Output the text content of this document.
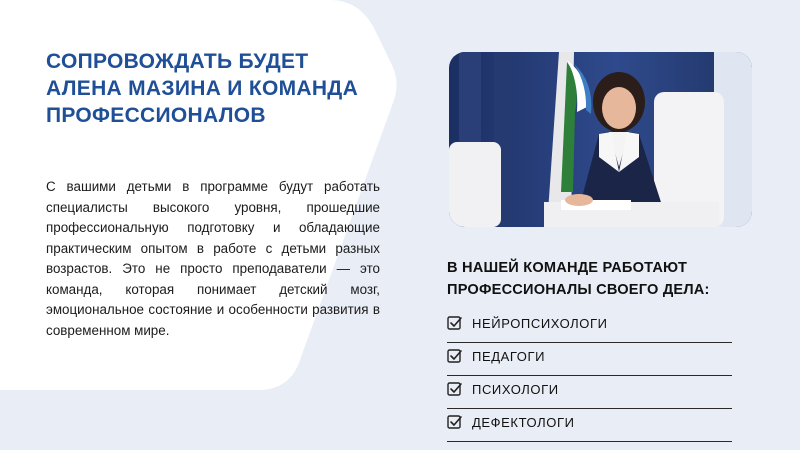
СОПРОВОЖДАТЬ БУДЕТ
АЛЕНА МАЗИНА И КОМАНДА
ПРОФЕССИОНАЛОВ

С вашими детьми в программе будут работать специалисты высокого уровня, прошедшие профессиональную подготовку и обладающие практическим опытом в работе с детьми разных возрастов. Это не просто преподаватели — это команда, которая понимает детский мозг, эмоциональное состояние и особенности развития в современном мире.

В НАШЕЙ КОМАНДЕ РАБОТАЮТ
ПРОФЕССИОНАЛЫ СВОЕГО ДЕЛА:
НЕЙРОПСИХОЛОГИ
ПЕДАГОГИ
ПСИХОЛОГИ
ДЕФЕКТОЛОГИ
